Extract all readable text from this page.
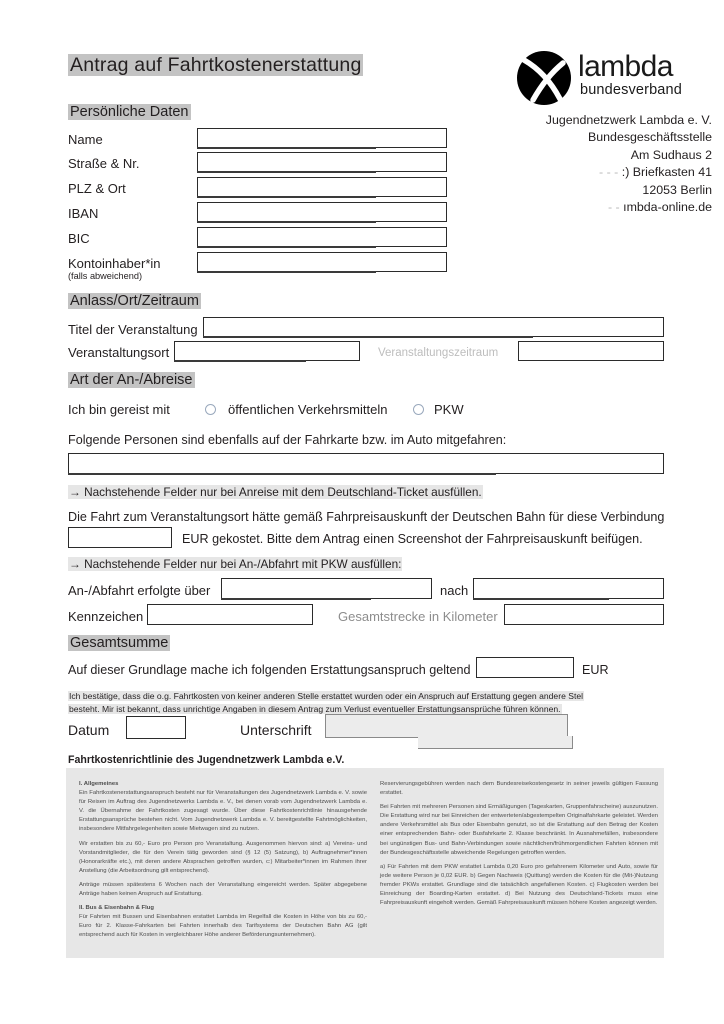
Antrag auf Fahrtkostenerstattung	lambda
bundesverband
Jugendnetzwerk Lambda e. V.
Bundesgeschäftsstelle
Am Sudhaus 2
- - - :) Briefkasten 41
12053 Berlin
- - ımbda-online.de
Persönliche Daten
Name
Straße & Nr.
PLZ & Ort
IBAN
BIC
Kontoinhaber*in
(falls abweichend)
Anlass/Ort/Zeitraum
Titel der Veranstaltung
Veranstaltungsort	Veranstaltungszeitraum
Art der An-/Abreise
Ich bin gereist mit	öffentlichen Verkehrsmitteln	PKW
Folgende Personen sind ebenfalls auf der Fahrkarte bzw. im Auto mitgefahren:
→ Nachstehende Felder nur bei Anreise mit dem Deutschland-Ticket ausfüllen.
Die Fahrt zum Veranstaltungsort hätte gemäß Fahrpreisauskunft der Deutschen Bahn für diese Verbindung
EUR gekostet. Bitte dem Antrag einen Screenshot der Fahrpreisauskunft beifügen.
→ Nachstehende Felder nur bei An-/Abfahrt mit PKW ausfüllen:
An-/Abfahrt erfolgte über	nach
Kennzeichen	Gesamtstrecke in Kilometer
Gesamtsumme
Auf dieser Grundlage mache ich folgenden Erstattungsanspruch geltend	EUR
Ich bestätige, dass die o.g. Fahrtkosten von keiner anderen Stelle erstattet wurden oder ein Anspruch auf Erstattung gegen andere Stel
besteht. Mir ist bekannt, dass unrichtige Angaben in diesem Antrag zum Verlust eventueller Erstattungsansprüche führen können.
Datum	Unterschrift
Fahrtkostenrichtlinie des Jugendnetzwerk Lambda e.V.

I. Allgemeines

Ein Fahrtkostenerstattungsanspruch besteht nur für Veranstaltungen des Jugendnetzwerk Lambda e. V. sowie für Reisen im Auftrag des Jugendnetzwerks Lambda e. V., bei denen vorab vom Jugendnetzwerk Lambda e. V. die Übernahme der Fahrtkosten zugesagt wurde. Über diese Fahrtkostenrichtlinie hinausgehende Erstattungsansprüche bestehen nicht. Vom Jugendnetzwerk Lambda e. V. bereitgestellte Fahrtmöglichkeiten, insbesondere Mitfahrgelegenheiten sowie Mietwagen sind zu nutzen.

Wir erstatten bis zu 60,- Euro pro Person pro Veranstaltung. Ausgenommen hiervon sind: a) Vereins- und Vorstandmitglieder, die für den Verein tätig geworden sind (§ 12 (5) Satzung), b) Auftragnehmer*innen (Honorarkräfte etc.), mit deren andere Absprachen getroffen wurden, c:) Mitarbeiter*innen im Rahmen ihrer Anstellung (die Arbeitsordnung gilt entsprechend).

Anträge müssen spätestens 6 Wochen nach der Veranstaltung eingereicht werden. Später abgegebene Anträge haben keinen Anspruch auf Erstattung.

II. Bus & Eisenbahn & Flug

Für Fahrten mit Bussen und Eisenbahnen erstattet Lambda im Regelfall die Kosten in Höhe von bis zu 60,- Euro für 2. Klasse-Fahrkarten bei Fahrten innerhalb des Tarifsystems der Deutschen Bahn AG (gilt entsprechend auch für Kosten in vergleichbarer Höhe anderer Beförderungsunternehmen).

Reservierungsgebühren werden nach dem Bundesreisekostengesetz in seiner jeweils gültigen Fassung erstattet.

Bei Fahrten mit mehreren Personen sind Ermäßigungen (Tageskarten, Gruppenfahrscheine) auszunutzen. Die Erstattung wird nur bei Einreichen der entwerteten/abgestempelten Originalfahrkarte geleistet. Werden andere Verkehrsmittel als Bus oder Eisenbahn genutzt, so ist die Erstattung auf den Betrag der Kosten einer entsprechenden Bahn- oder Busfahrkarte 2. Klasse beschränkt. In Ausnahmefällen, insbesondere bei ungünstigen Bus- und Bahn-Verbindungen sowie nächtlichen/frühmorgendlichen Fahrten können mit der Bundesgeschäftsstelle abweichende Regelungen getroffen werden.

a) Für Fahrten mit dem PKW erstattet Lambda 0,20 Euro pro gefahrenem Kilometer und Auto, sowie für jede weitere Person je 0,02 EUR. b) Gegen Nachweis (Quittung) werden die Kosten für die (Mit-)Nutzung fremder PKWs erstattet. Grundlage sind die tatsächlich angefallenen Kosten. c) Flugkosten werden bei Einreichung der Boarding-Karten erstattet. d) Bei Nutzung des Deutschland-Tickets muss eine Fahrpreisauskunft eingeholt werden. Gemäß Fahrpreisauskunft müssen höhere Kosten angezeigt werden.
